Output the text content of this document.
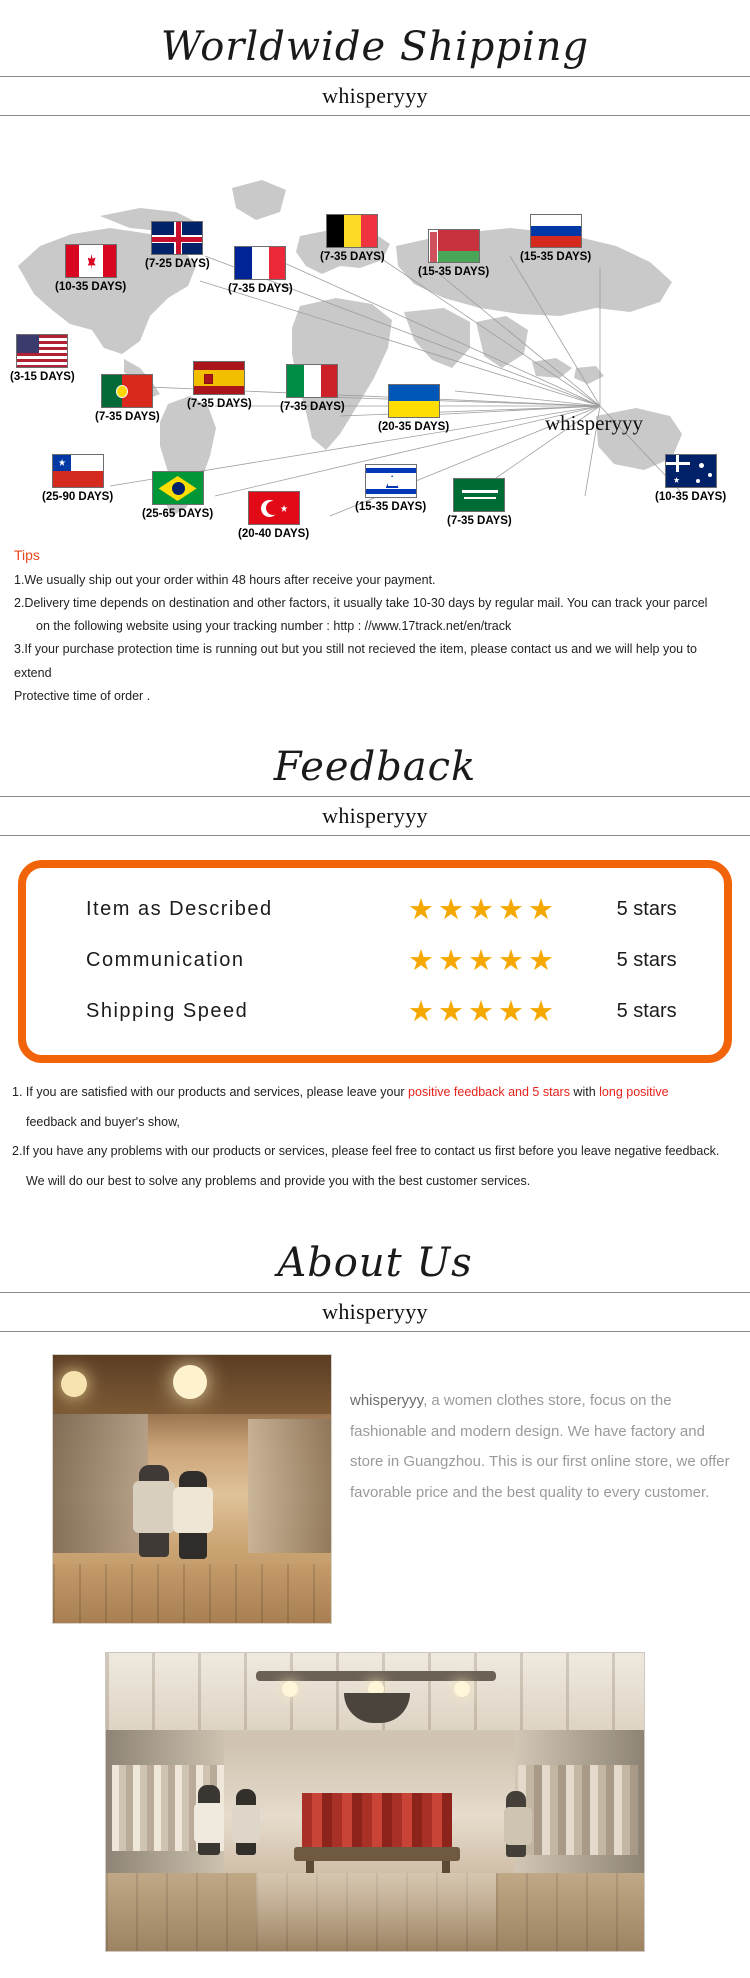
Worldwide Shipping
whisperyyy
whisperyyy
(7-25 DAYS)
(7-35 DAYS)	(15-35 DAYS)
(10-35 DAYS)	(7-35 DAYS)
(15-35 DAYS)
(3-15 DAYS)
(7-35 DAYS)
(7-35 DAYS) (7-35 DAYS)
(20-35 DAYS)
(25-90 DAYS)
(25-65 DAYS)
(20-40 DAYS)
(15-35 DAYS)
(7-35 DAYS)
(10-35 DAYS)
Tips
1.We usually ship out your order within 48 hours after receive your payment.
2.Delivery time depends on destination and other factors, it usually take 10-30 days by regular mail. You can track your parcel
on the following website using your tracking number : http : //www.17track.net/en/track
3.If your purchase protection time is running out but you still not recieved the item, please contact us and we will help you to extend
Protective time of order .
Feedback
whisperyyy
Item as Described	★★★★★	5 stars
Communication	★★★★★	5 stars
Shipping Speed	★★★★★	5 stars

1. If you are satisfied with our products and services, please leave your positive feedback and 5 stars with long positive

feedback and buyer's show,

2.If you have any problems with our products or services, please feel free to contact us first before you leave negative feedback.

We will do our best to solve any problems and provide you with the best customer services.

About Us
whisperyyy
whisperyyy, a women clothes store, focus on the fashionable and modern design. We have factory and store in Guangzhou. This is our first online store, we offer favorable price and the best quality to every customer.
